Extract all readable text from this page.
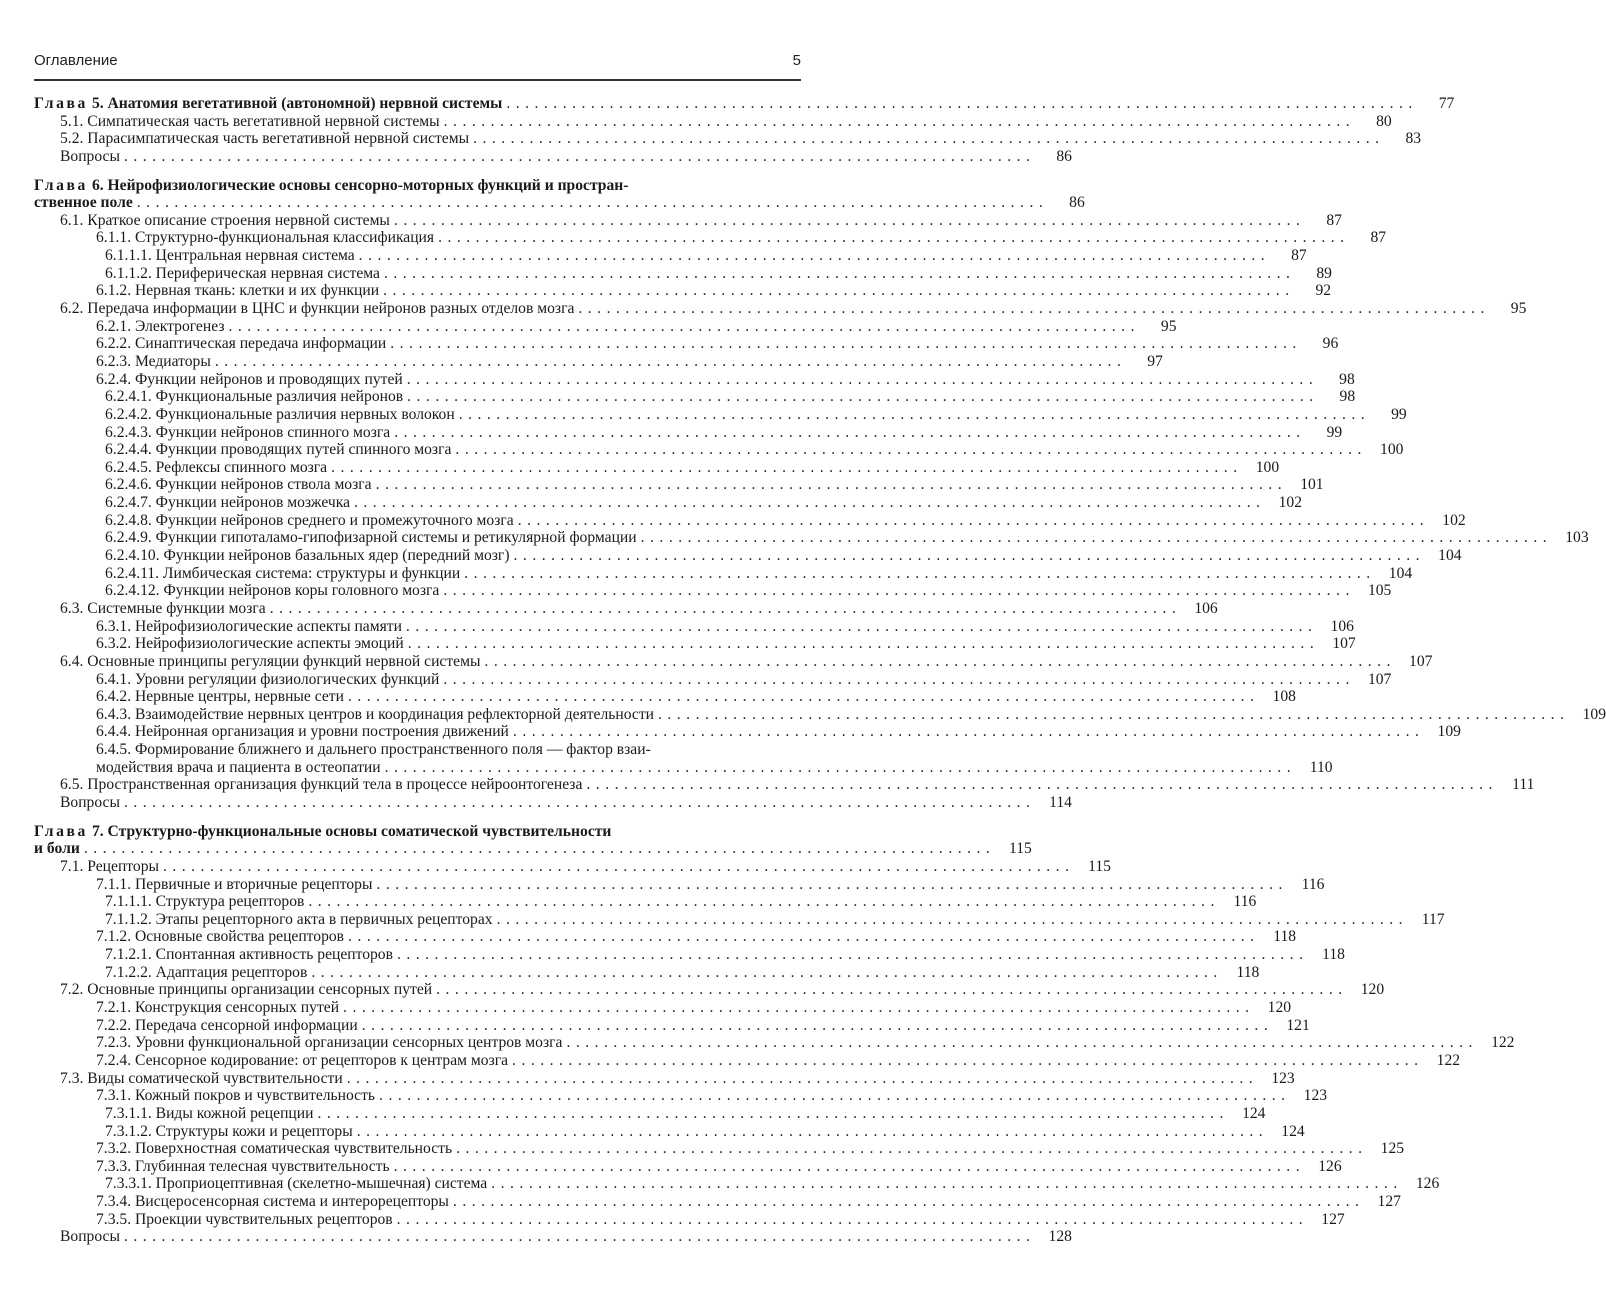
Оглавление	5
Глава 5. Анатомия вегетативной (автономной) нервной системы . . .	77
5.1. Симпатическая часть вегетативной нервной системы . . .	80
5.2. Парасимпатическая часть вегетативной нервной системы . . .	83
Вопросы . . .	86
Глава 6. Нейрофизиологические основы сенсорно-моторных функций и простран-
ственное поле . . .	86
6.1. Краткое описание строения нервной системы . . .	87
6.1.1. Структурно-функциональная классификация . . .	87
6.1.1.1. Центральная нервная система . . .	87
6.1.1.2. Периферическая нервная система . . .	89
6.1.2. Нервная ткань: клетки и их функции . . .	92
6.2. Передача информации в ЦНС и функции нейронов разных отделов мозга . . .	95
6.2.1. Электрогенез . . .	95
6.2.2. Синаптическая передача информации . . .	96
6.2.3. Медиаторы . . .	97
6.2.4. Функции нейронов и проводящих путей . . .	98
6.2.4.1. Функциональные различия нейронов . . .	98
6.2.4.2. Функциональные различия нервных волокон . . .	99
6.2.4.3. Функции нейронов спинного мозга . . .	99
6.2.4.4. Функции проводящих путей спинного мозга . . .	100
6.2.4.5. Рефлексы спинного мозга . . .	100
6.2.4.6. Функции нейронов ствола мозга . . .	101
6.2.4.7. Функции нейронов мозжечка . . .	102
6.2.4.8. Функции нейронов среднего и промежуточного мозга . . .	102
6.2.4.9. Функции гипоталамо-гипофизарной системы и ретикулярной формации . . .	103
6.2.4.10. Функции нейронов базальных ядер (передний мозг) . . .	104
6.2.4.11. Лимбическая система: структуры и функции . . .	104
6.2.4.12. Функции нейронов коры головного мозга . . .	105
6.3. Системные функции мозга . . .	106
6.3.1. Нейрофизиологические аспекты памяти . . .	106
6.3.2. Нейрофизиологические аспекты эмоций . . .	107
6.4. Основные принципы регуляции функций нервной системы . . .	107
6.4.1. Уровни регуляции физиологических функций . . .	107
6.4.2. Нервные центры, нервные сети . . .	108
6.4.3. Взаимодействие нервных центров и координация рефлекторной деятельности . . .	109
6.4.4. Нейронная организация и уровни построения движений . . .	109
6.4.5. Формирование ближнего и дальнего пространственного поля — фактор взаи-
модействия врача и пациента в остеопатии . . .	110
6.5. Пространственная организация функций тела в процессе нейроонтогенеза . . .	111
Вопросы . . .	114
Глава 7. Структурно-функциональные основы соматической чувствительности
и боли . . .	115
7.1. Рецепторы . . .	115
7.1.1. Первичные и вторичные рецепторы . . .	116
7.1.1.1. Структура рецепторов . . .	116
7.1.1.2. Этапы рецепторного акта в первичных рецепторах . . .	117
7.1.2. Основные свойства рецепторов . . .	118
7.1.2.1. Спонтанная активность рецепторов . . .	118
7.1.2.2. Адаптация рецепторов . . .	118
7.2. Основные принципы организации сенсорных путей . . .	120
7.2.1. Конструкция сенсорных путей . . .	120
7.2.2. Передача сенсорной информации . . .	121
7.2.3. Уровни функциональной организации сенсорных центров мозга . . .	122
7.2.4. Сенсорное кодирование: от рецепторов к центрам мозга . . .	122
7.3. Виды соматической чувствительности . . .	123
7.3.1. Кожный покров и чувствительность . . .	123
7.3.1.1. Виды кожной рецепции . . .	124
7.3.1.2. Структуры кожи и рецепторы . . .	124
7.3.2. Поверхностная соматическая чувствительность . . .	125
7.3.3. Глубинная телесная чувствительность . . .	126
7.3.3.1. Проприоцептивная (скелетно-мышечная) система . . .	126
7.3.4. Висцеросенсорная система и интерорецепторы . . .	127
7.3.5. Проекции чувствительных рецепторов . . .	127
Вопросы . . .	128
